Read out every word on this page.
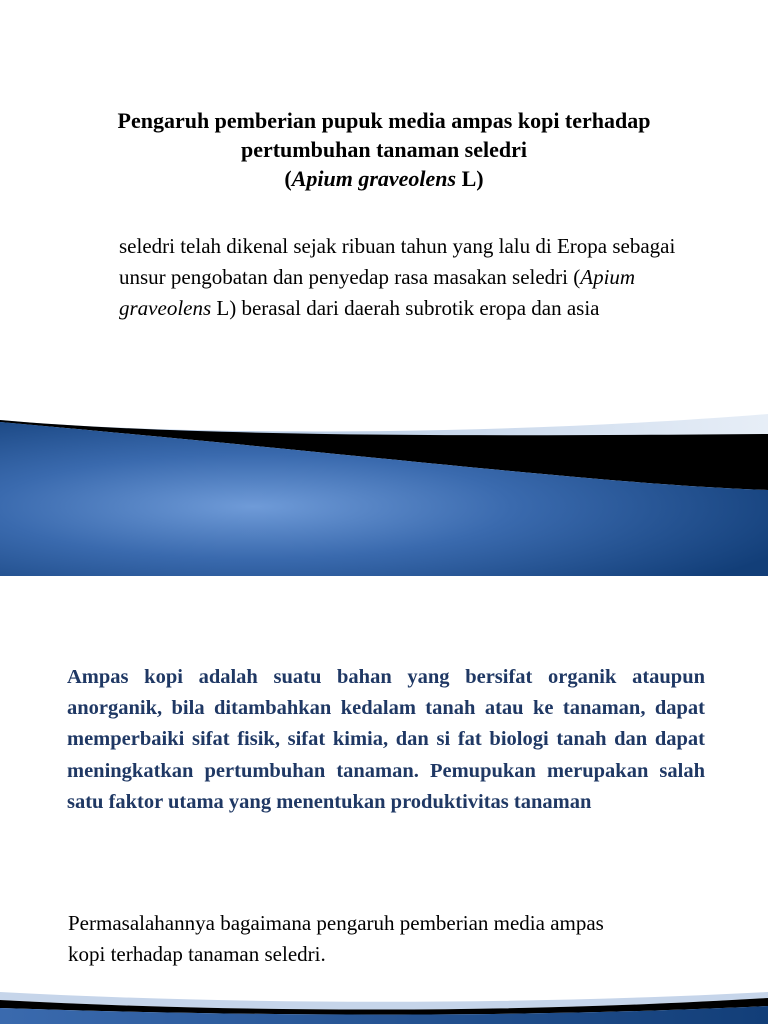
Pengaruh pemberian pupuk media ampas kopi terhadap
pertumbuhan tanaman seledri
(Apium graveolens L)
seledri telah dikenal sejak ribuan tahun yang lalu di Eropa sebagai unsur pengobatan dan penyedap rasa masakan seledri (Apium graveolens L) berasal dari daerah subrotik eropa dan asia
Ampas kopi adalah suatu bahan yang bersifat organik ataupun anorganik, bila ditambahkan kedalam tanah atau ke tanaman, dapat memperbaiki sifat fisik, sifat kimia, dan si fat biologi tanah dan dapat meningkatkan pertumbuhan tanaman. Pemupukan merupakan salah satu faktor utama yang menentukan produktivitas tanaman
Permasalahannya bagaimana pengaruh pemberian media ampas kopi terhadap tanaman seledri.
